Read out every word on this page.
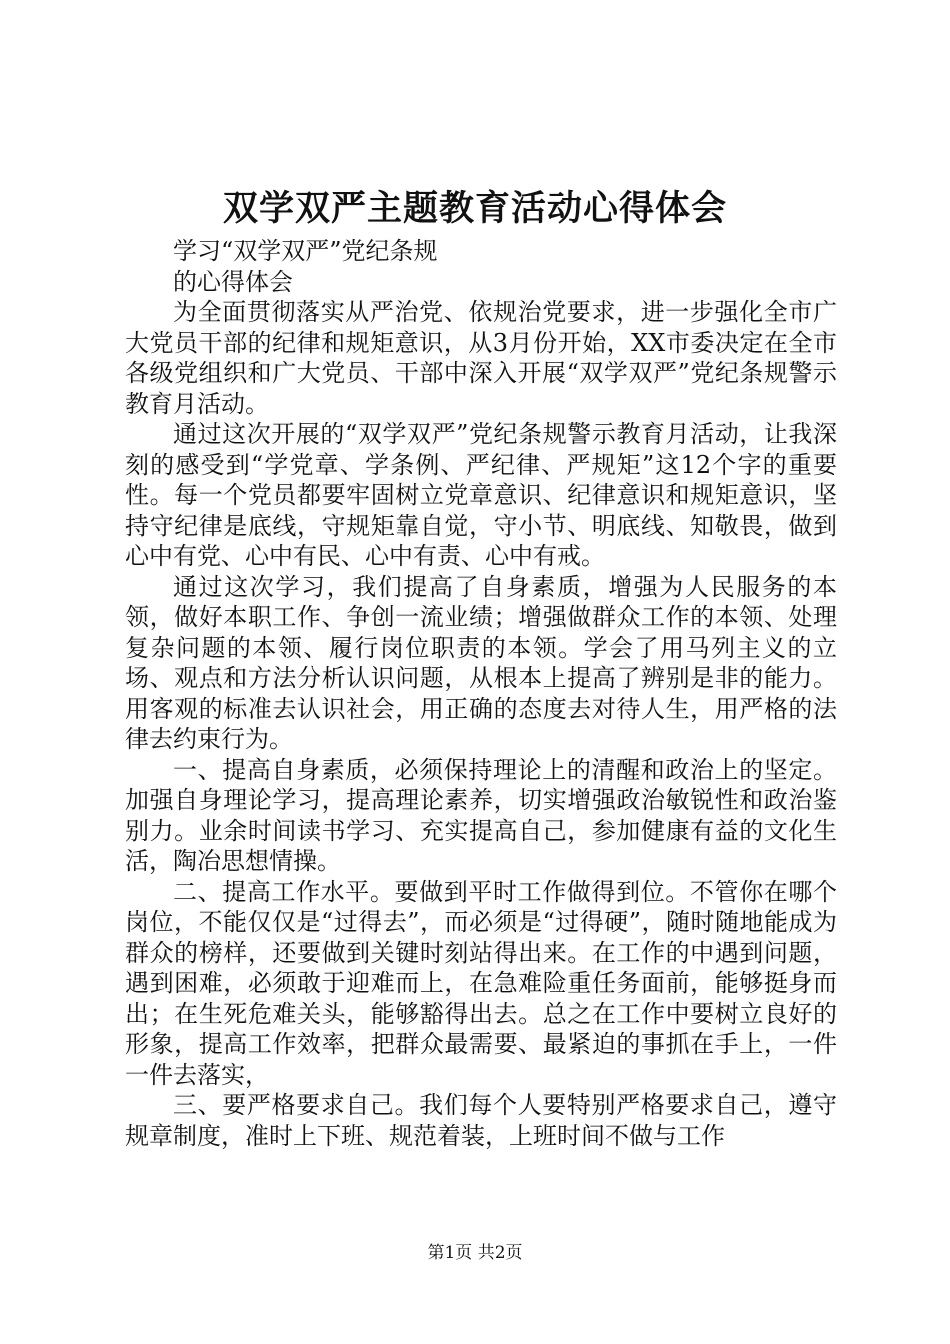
双学双严主题教育活动心得体会

学习“双学双严”党纪条规

的心得体会

为全面贯彻落实从严治党、依规治党要求，进一步强化全市广大党员干部的纪律和规矩意识，从3月份开始，XX市委决定在全市各级党组织和广大党员、干部中深入开展“双学双严”党纪条规警示教育月活动。

通过这次开展的“双学双严”党纪条规警示教育月活动，让我深刻的感受到“学党章、学条例、严纪律、严规矩”这12个字的重要性。每一个党员都要牢固树立党章意识、纪律意识和规矩意识，坚持守纪律是底线，守规矩靠自觉，守小节、明底线、知敬畏，做到心中有党、心中有民、心中有责、心中有戒。

通过这次学习，我们提高了自身素质，增强为人民服务的本领，做好本职工作、争创一流业绩；增强做群众工作的本领、处理复杂问题的本领、履行岗位职责的本领。学会了用马列主义的立场、观点和方法分析认识问题，从根本上提高了辨别是非的能力。用客观的标准去认识社会，用正确的态度去对待人生，用严格的法律去约束行为。

一、提高自身素质，必须保持理论上的清醒和政治上的坚定。加强自身理论学习，提高理论素养，切实增强政治敏锐性和政治鉴别力。业余时间读书学习、充实提高自己，参加健康有益的文化生活，陶冶思想情操。

二、提高工作水平。要做到平时工作做得到位。不管你在哪个岗位，不能仅仅是“过得去”，而必须是“过得硬”，随时随地能成为群众的榜样，还要做到关键时刻站得出来。在工作的中遇到问题，遇到困难，必须敢于迎难而上，在急难险重任务面前，能够挺身而出；在生死危难关头，能够豁得出去。总之在工作中要树立良好的形象，提高工作效率，把群众最需要、最紧迫的事抓在手上，一件一件去落实，

三、要严格要求自己。我们每个人要特别严格要求自己，遵守规章制度，准时上下班、规范着装，上班时间不做与工作

第1页 共2页
